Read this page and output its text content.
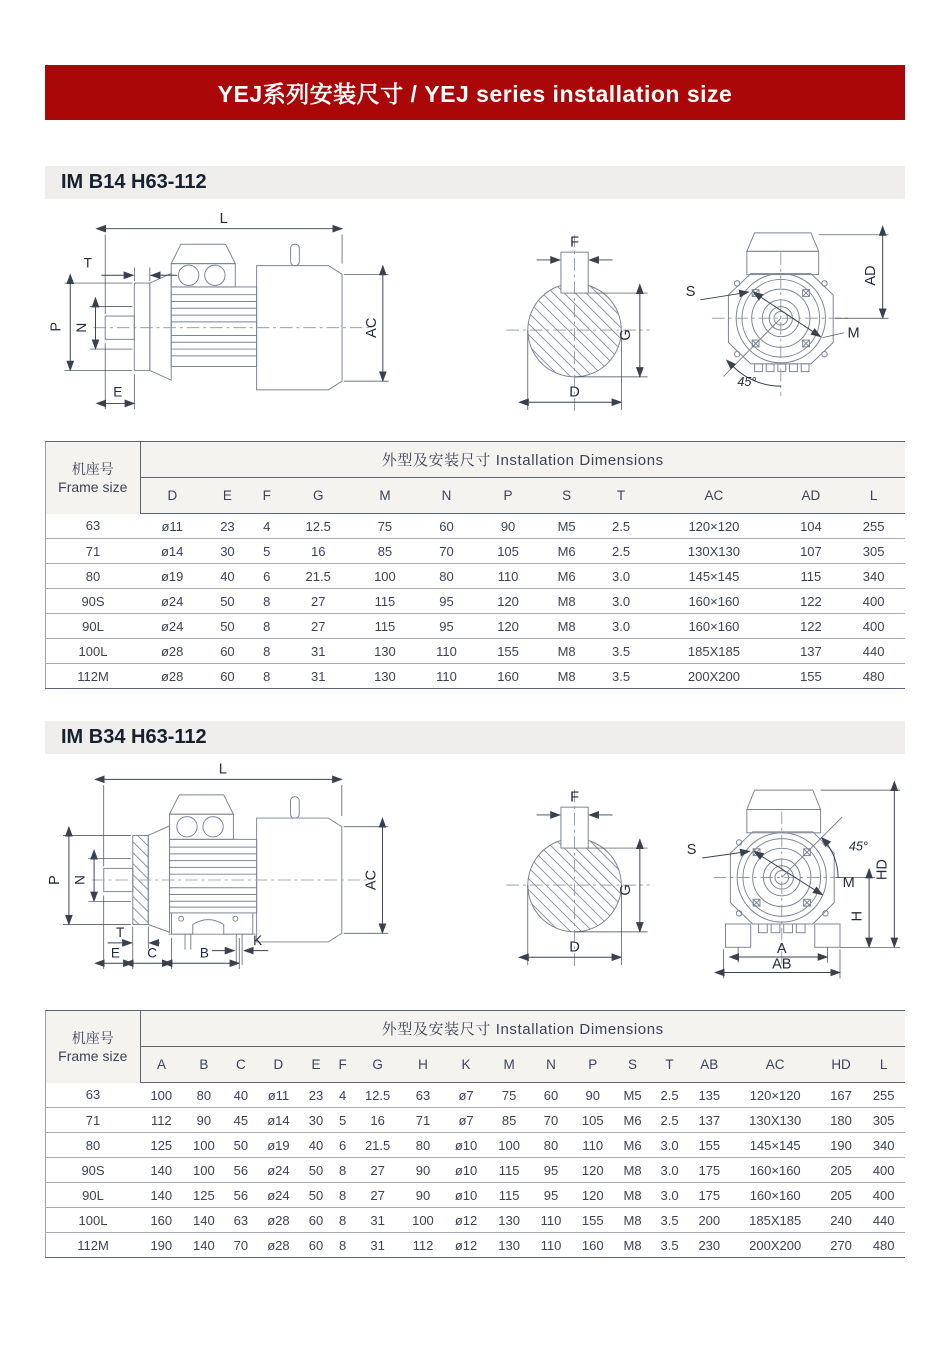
YEJ系列安装尺寸 / YEJ series installation size
IM B14 H63-112
L
T
P N
E
AC
F
G
D
S
M
AD
45°
机座号
Frame size	外型及安装尺寸 Installation Dimensions											
	D	E	F	G	M	N	P	S	T	AC	AD	L
63	ø11	23	4	12.5	75	60	90	M5	2.5	120×120	104	255
71	ø14	30	5	16	85	70	105	M6	2.5	130X130	107	305
80	ø19	40	6	21.5	100	80	110	M6	3.0	145×145	115	340
90S	ø24	50	8	27	115	95	120	M8	3.0	160×160	122	400
90L	ø24	50	8	27	115	95	120	M8	3.0	160×160	122	400
100L	ø28	60	8	31	130	110	155	M8	3.5	185X185	137	440
112M	ø28	60	8	31	130	110	160	M8	3.5	200X200	155	480
IM B34 H63-112
L
P N	AC
T
E C	B
K
F
G
D
S
M
45°
HD
H
A
AB
机座号
Frame size	外型及安装尺寸 Installation Dimensions																	
	A	B	C	D	E	F	G	H	K	M	N	P	S	T	AB	AC	HD	L
63	100	80	40	ø11	23	4	12.5	63	ø7	75	60	90	M5	2.5	135	120×120	167	255
71	112	90	45	ø14	30	5	16	71	ø7	85	70	105	M6	2.5	137	130X130	180	305
80	125	100	50	ø19	40	6	21.5	80	ø10	100	80	110	M6	3.0	155	145×145	190	340
90S	140	100	56	ø24	50	8	27	90	ø10	115	95	120	M8	3.0	175	160×160	205	400
90L	140	125	56	ø24	50	8	27	90	ø10	115	95	120	M8	3.0	175	160×160	205	400
100L	160	140	63	ø28	60	8	31	100	ø12	130	110	155	M8	3.5	200	185X185	240	440
112M	190	140	70	ø28	60	8	31	112	ø12	130	110	160	M8	3.5	230	200X200	270	480
